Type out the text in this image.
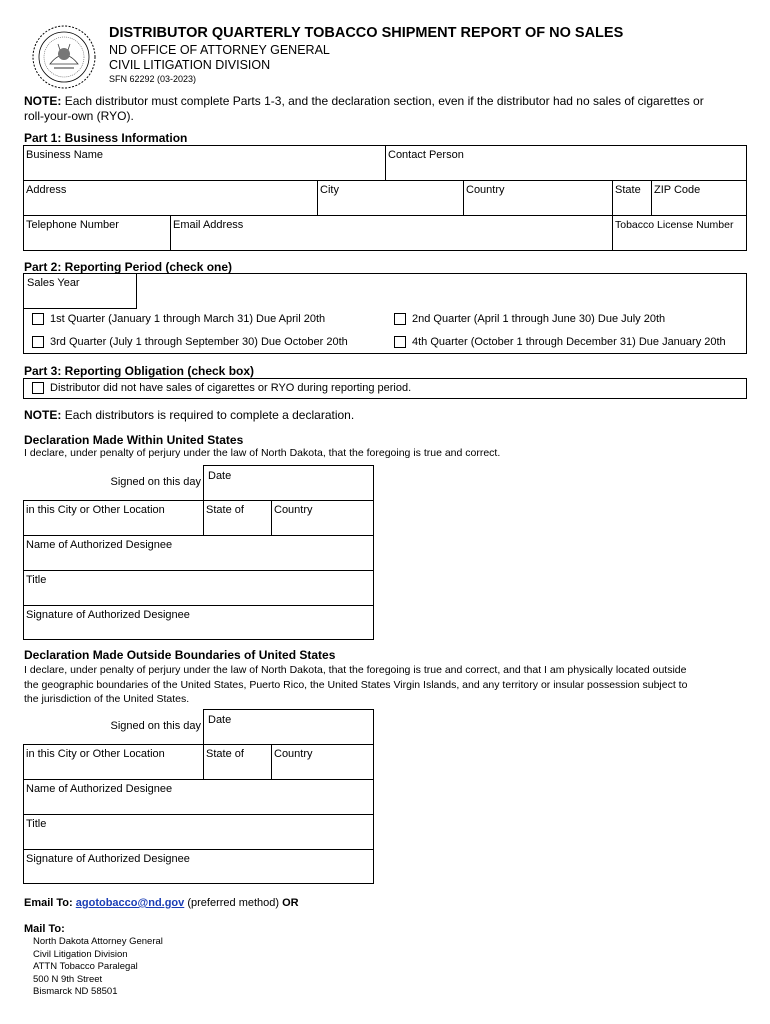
DISTRIBUTOR QUARTERLY TOBACCO SHIPMENT REPORT OF NO SALES
ND OFFICE OF ATTORNEY GENERAL
CIVIL LITIGATION DIVISION
SFN 62292 (03-2023)
NOTE: Each distributor must complete Parts 1-3, and the declaration section, even if the distributor had no sales of cigarettes or
roll-your-own (RYO).
Part 1: Business Information
Business Name	Contact Person
Address	City	Country	State	ZIP Code
Telephone Number	Email Address	Tobacco License Number
Part 2: Reporting Period (check one)
Sales Year
1st Quarter (January 1 through March 31) Due April 20th	2nd Quarter (April 1 through June 30) Due July 20th
3rd Quarter (July 1 through September 30) Due October 20th	4th Quarter (October 1 through December 31) Due January 20th
Part 3: Reporting Obligation (check box)
Distributor did not have sales of cigarettes or RYO during reporting period.
NOTE: Each distributors is required to complete a declaration.
Declaration Made Within United States
I declare, under penalty of perjury under the law of North Dakota, that the foregoing is true and correct.
Signed on this day Date
in this City or Other Location	State of	Country
Name of Authorized Designee
Title
Signature of Authorized Designee
Declaration Made Outside Boundaries of United States
I declare, under penalty of perjury under the law of North Dakota, that the foregoing is true and correct, and that I am physically located outside
the geographic boundaries of the United States, Puerto Rico, the United States Virgin Islands, and any territory or insular possession subject to
the jurisdiction of the United States.
Signed on this day Date
in this City or Other Location	State of	Country
Name of Authorized Designee
Title
Signature of Authorized Designee
Email To: agotobacco@nd.gov (preferred method) OR
Mail To:
North Dakota Attorney General
Civil Litigation Division
ATTN Tobacco Paralegal
500 N 9th Street
Bismarck ND 58501
